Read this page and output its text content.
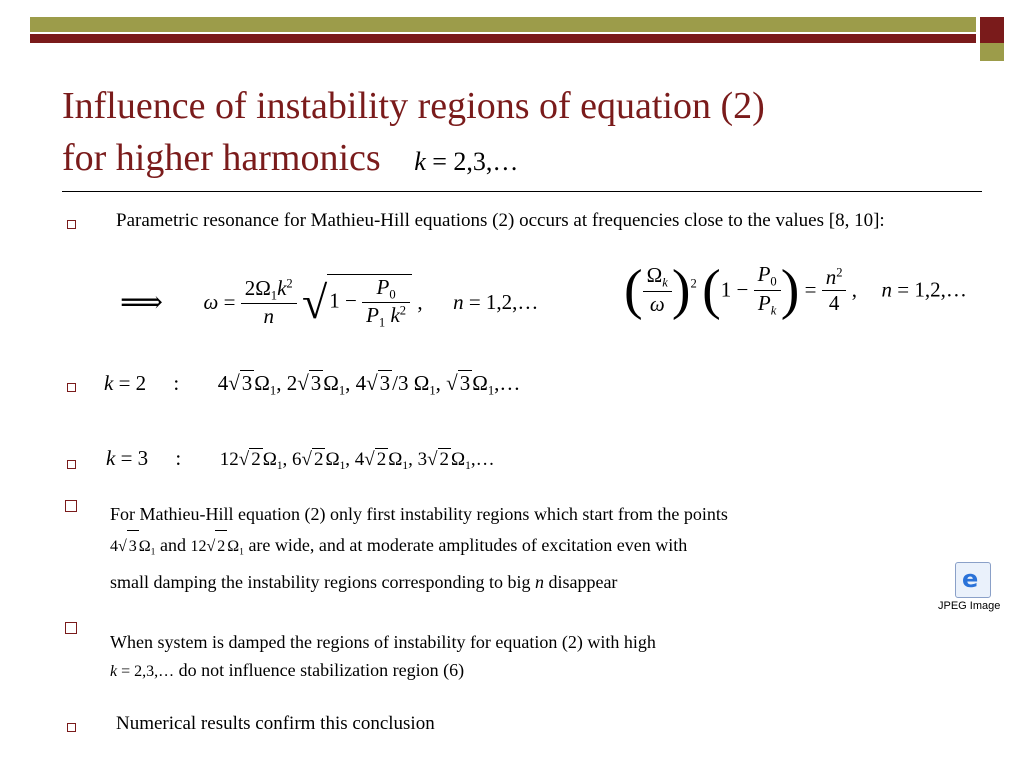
Influence of instability regions of equation (2)
for higher harmonics k = 2,3,…
Parametric resonance for Mathieu-Hill equations (2) occurs at frequencies close to the values [8, 10]:
⟹ $\omega = \frac{2\Omega_1k^2}{n} √1 - \frac{P_0}{P_1 k^2}$ , n = 1,2,… ( $\frac{\Omega_k}{\omega} )^2$ ($1 - \frac{P_0}{P_k}$ ) = $\frac{n^2}{4}$ , n = 1,2,…
k = 2 :  $4√3\Omega_1$, $2√3\Omega_1$, 4√3/3 $\Omega_1$, $√3\Omega_1,\dots$
k = 3 :  12√ 2 $\Omega_1$, 6√ 2 $\Omega_1$, 4√ 2 $\Omega_1$, 3√ 2 $\Omega_1,\dots$
For Mathieu-Hill equation (2) only first instability regions which start from the points
4√ 3 $\Omega_1$ and 12√ 2 $\Omega_1$ are wide, and at moderate amplitudes of excitation even with
small damping the instability regions corresponding to big n disappear	e
JPEG Image
When system is damped the regions of instability for equation (2) with high
k = 2,3,… do not influence stabilization region (6)
Numerical results confirm this conclusion
